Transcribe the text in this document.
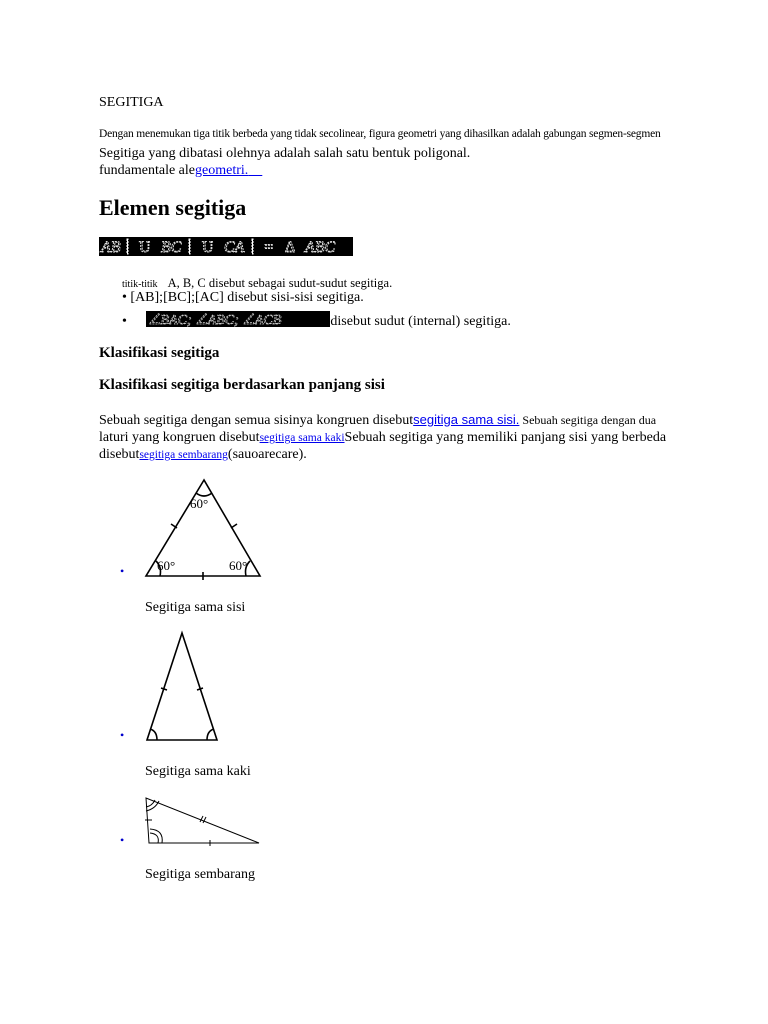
SEGITIGA
Dengan menemukan tiga titik berbeda yang tidak secolinear, figura geometri yang dihasilkan adalah gabungan segmen-segmen
Segitiga yang dibatasi olehnya adalah salah satu bentuk poligonal.
fundamentale alegeometri.
Elemen segitiga
AB U BC U CA = Δ ABC
titik-titik A, B, C disebut sebagai sudut-sudut segitiga.
• [AB];[BC];[AC] disebut sisi-sisi segitiga.
• ∠BAC; ∠ABC; ∠ACB	disebut sudut (internal) segitiga.
Klasifikasi segitiga
Klasifikasi segitiga berdasarkan panjang sisi
Sebuah segitiga dengan semua sisinya kongruen disebutsegitiga sama sisi. Sebuah segitiga dengan dua
laturi yang kongruen disebutsegitiga sama kakiSebuah segitiga yang memiliki panjang sisi yang berbeda
disebutsegitiga sembarang(sauoarecare).
•
60°
60°	60°
Segitiga sama sisi
•
Segitiga sama kaki
•
Segitiga sembarang
